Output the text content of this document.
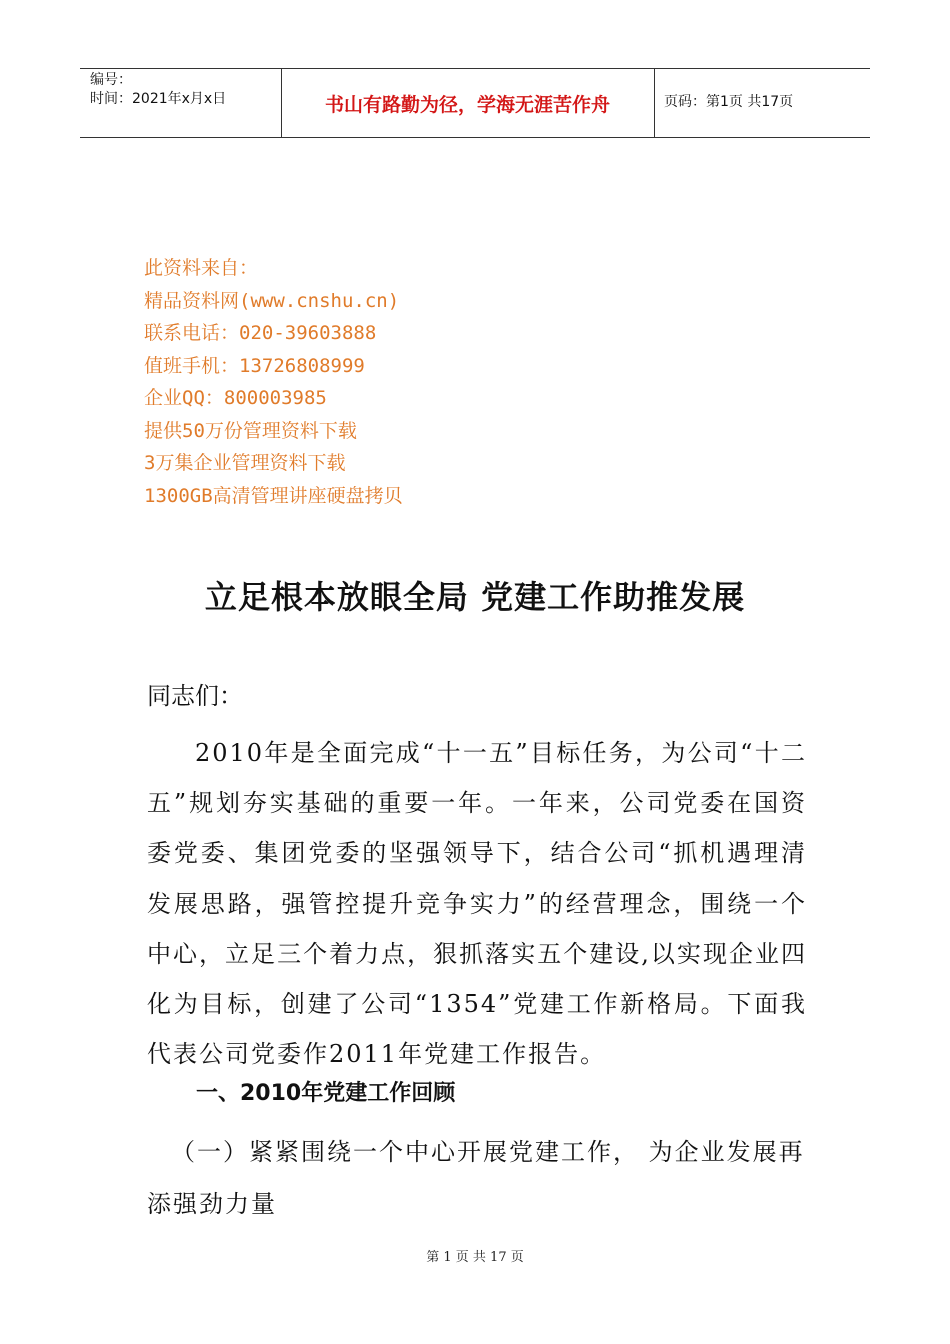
编号：
时间：2021年x月x日	书山有路勤为径，学海无涯苦作舟	页码：第1页 共17页
此资料来自：
精品资料网(www.cnshu.cn)
联系电话：020-39603888
值班手机：13726808999
企业QQ：800003985
提供50万份管理资料下载
3万集企业管理资料下载
1300GB高清管理讲座硬盘拷贝
立足根本放眼全局 党建工作助推发展
同志们：
2010年是全面完成“十一五”目标任务，为公司“十二五”规划夯实基础的重要一年。一年来，公司党委在国资委党委、集团党委的坚强领导下，结合公司“抓机遇理清发展思路，强管控提升竞争实力”的经营理念，围绕一个中心，立足三个着力点，狠抓落实五个建设,以实现企业四化为目标，创建了公司“1354”党建工作新格局。下面我代表公司党委作2011年党建工作报告。
一、2010年党建工作回顾
（一）紧紧围绕一个中心开展党建工作， 为企业发展再添强劲力量
第 1 页 共 17 页
